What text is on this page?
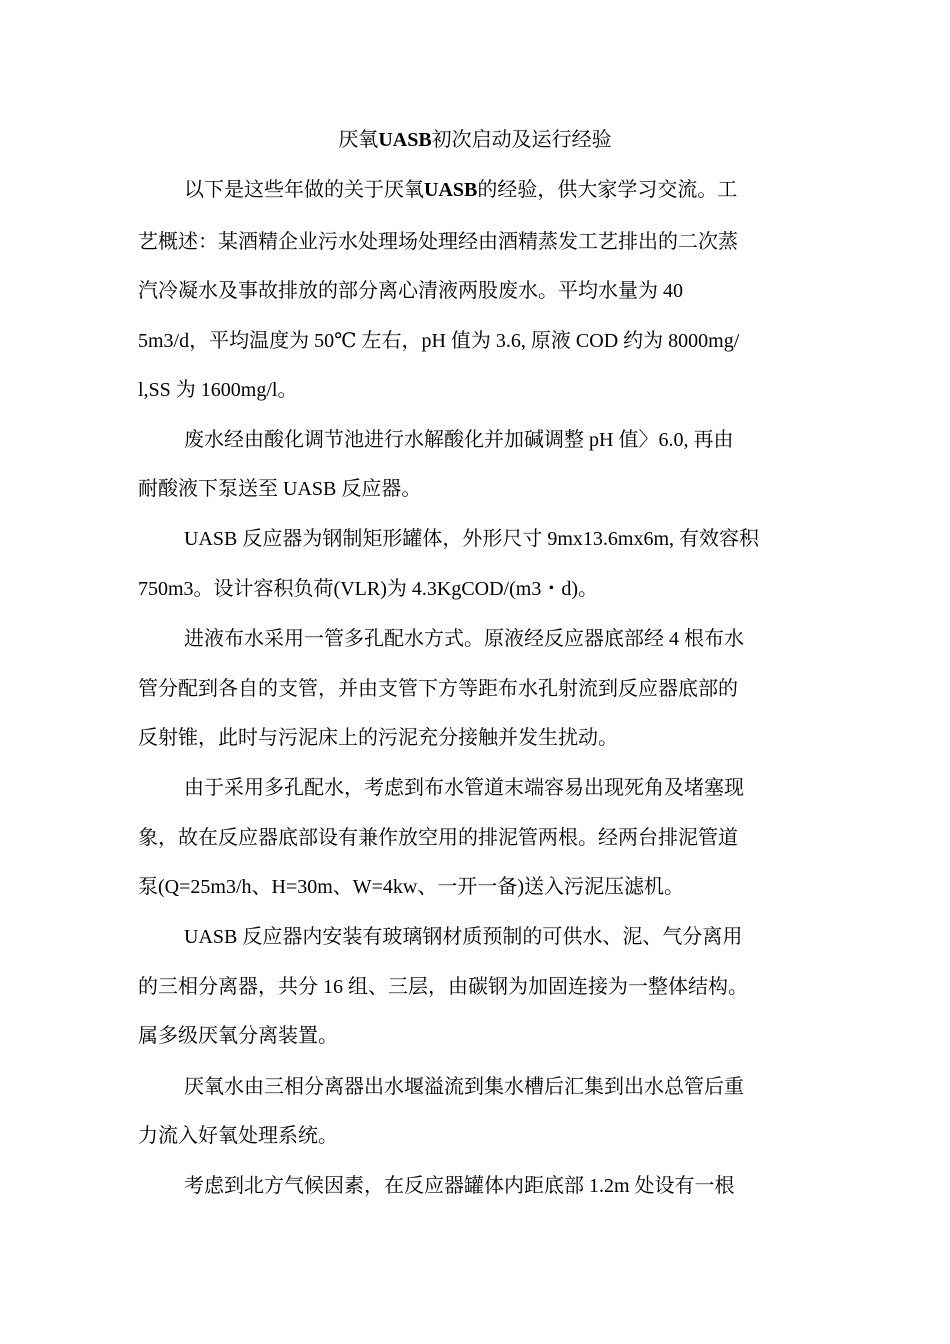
厌氧UASB初次启动及运行经验
以下是这些年做的关于厌氧UASB的经验，供大家学习交流。工
艺概述：某酒精企业污水处理场处理经由酒精蒸发工艺排出的二次蒸
汽冷凝水及事故排放的部分离心清液两股废水。平均水量为 40
5m3/d，平均温度为 50℃ 左右，pH 值为 3.6, 原液 COD 约为 8000mg/
l,SS 为 1600mg/l。
废水经由酸化调节池进行水解酸化并加碱调整 pH 值〉6.0, 再由
耐酸液下泵送至 UASB 反应器。
UASB 反应器为钢制矩形罐体，外形尺寸 9mx13.6mx6m, 有效容积
750m3。设计容积负荷(VLR)为 4.3KgCOD/(m3・d)。
进液布水采用一管多孔配水方式。原液经反应器底部经 4 根布水
管分配到各自的支管，并由支管下方等距布水孔射流到反应器底部的
反射锥，此时与污泥床上的污泥充分接触并发生扰动。
由于采用多孔配水，考虑到布水管道末端容易出现死角及堵塞现
象，故在反应器底部设有兼作放空用的排泥管两根。经两台排泥管道
泵(Q=25m3/h、H=30m、W=4kw、一开一备)送入污泥压滤机。
UASB 反应器内安装有玻璃钢材质预制的可供水、泥、气分离用
的三相分离器，共分 16 组、三层，由碳钢为加固连接为一整体结构。
属多级厌氧分离装置。
厌氧水由三相分离器出水堰溢流到集水槽后汇集到出水总管后重
力流入好氧处理系统。
考虑到北方气候因素，在反应器罐体内距底部 1.2m 处设有一根
